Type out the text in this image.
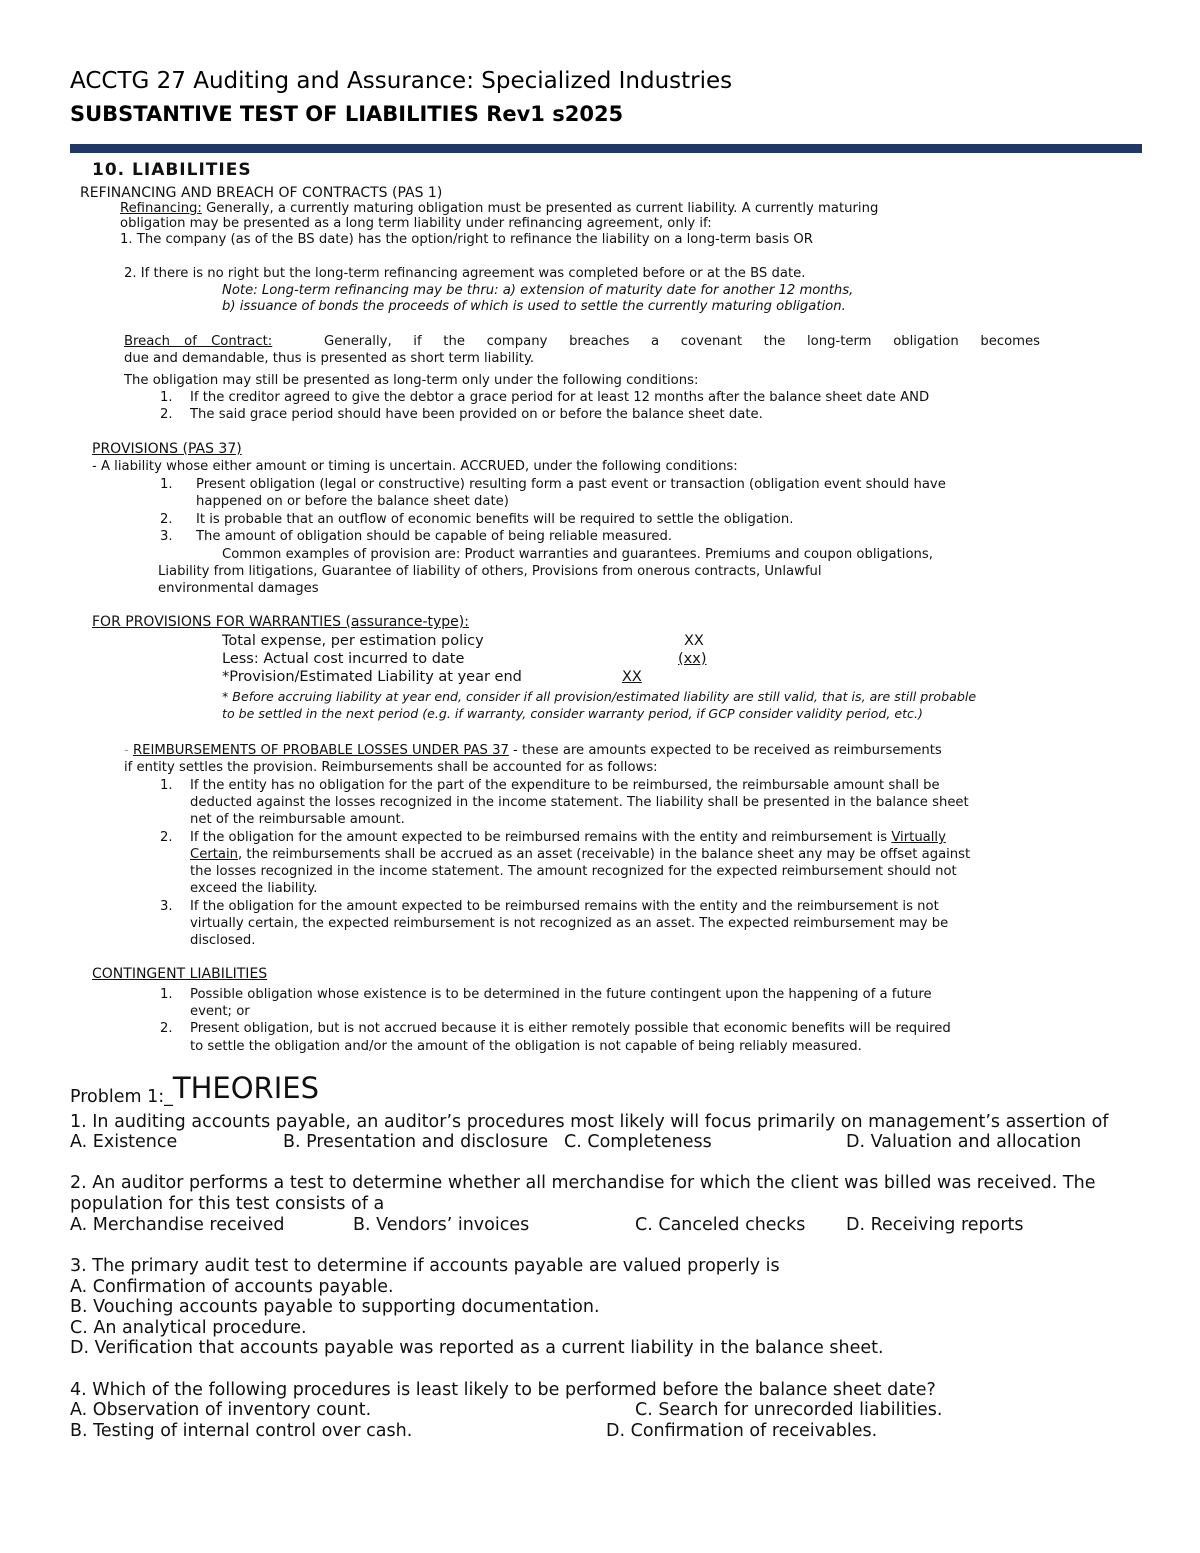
ACCTG 27 Auditing and Assurance: Specialized Industries
SUBSTANTIVE TEST OF LIABILITIES Rev1 s2025
10. LIABILITIES
REFINANCING AND BREACH OF CONTRACTS (PAS 1)
Refinancing: Generally, a currently maturing obligation must be presented as current liability. A currently maturing
obligation may be presented as a long term liability under refinancing agreement, only if:
1. The company (as of the BS date) has the option/right to refinance the liability on a long-term basis OR
2. If there is no right but the long-term refinancing agreement was completed before or at the BS date.
Note: Long-term refinancing may be thru: a) extension of maturity date for another 12 months,
b) issuance of bonds the proceeds of which is used to settle the currently maturing obligation.
Breach of Contract:	Generally, if the company breaches a covenant the long-term obligation becomes
due and demandable, thus is presented as short term liability.
The obligation may still be presented as long-term only under the following conditions:
1. If the creditor agreed to give the debtor a grace period for at least 12 months after the balance sheet date AND
2. The said grace period should have been provided on or before the balance sheet date.
PROVISIONS (PAS 37)
- A liability whose either amount or timing is uncertain. ACCRUED, under the following conditions:
1. Present obligation (legal or constructive) resulting form a past event or transaction (obligation event should have
happened on or before the balance sheet date)
2. It is probable that an outflow of economic benefits will be required to settle the obligation.
3. The amount of obligation should be capable of being reliable measured.
Common examples of provision are: Product warranties and guarantees. Premiums and coupon obligations,
Liability from litigations, Guarantee of liability of others, Provisions from onerous contracts, Unlawful
environmental damages
FOR PROVISIONS FOR WARRANTIES (assurance-type):
Total expense, per estimation policy	XX
Less: Actual cost incurred to date	(xx)
*Provision/Estimated Liability at year end	XX
* Before accruing liability at year end, consider if all provision/estimated liability are still valid, that is, are still probable
to be settled in the next period (e.g. if warranty, consider warranty period, if GCP consider validity period, etc.)
- REIMBURSEMENTS OF PROBABLE LOSSES UNDER PAS 37 - these are amounts expected to be received as reimbursements
if entity settles the provision. Reimbursements shall be accounted for as follows:
1. If the entity has no obligation for the part of the expenditure to be reimbursed, the reimbursable amount shall be
deducted against the losses recognized in the income statement. The liability shall be presented in the balance sheet
net of the reimbursable amount.
2. If the obligation for the amount expected to be reimbursed remains with the entity and reimbursement is Virtually
Certain, the reimbursements shall be accrued as an asset (receivable) in the balance sheet any may be offset against
the losses recognized in the income statement. The amount recognized for the expected reimbursement should not
exceed the liability.
3. If the obligation for the amount expected to be reimbursed remains with the entity and the reimbursement is not
virtually certain, the expected reimbursement is not recognized as an asset. The expected reimbursement may be
disclosed.
CONTINGENT LIABILITIES
1. Possible obligation whose existence is to be determined in the future contingent upon the happening of a future
event; or
2. Present obligation, but is not accrued because it is either remotely possible that economic benefits will be required
to settle the obligation and/or the amount of the obligation is not capable of being reliably measured.
Problem 1:_THEORIES
1. In auditing accounts payable, an auditor’s procedures most likely will focus primarily on management’s assertion of
A. Existence	B. Presentation and disclosure C. Completeness	D. Valuation and allocation
2. An auditor performs a test to determine whether all merchandise for which the client was billed was received. The
population for this test consists of a
A. Merchandise received	B. Vendors’ invoices	C. Canceled checks D. Receiving reports
3. The primary audit test to determine if accounts payable are valued properly is
A. Confirmation of accounts payable.
B. Vouching accounts payable to supporting documentation.
C. An analytical procedure.
D. Verification that accounts payable was reported as a current liability in the balance sheet.
4. Which of the following procedures is least likely to be performed before the balance sheet date?
A. Observation of inventory count.	C. Search for unrecorded liabilities.
B. Testing of internal control over cash.	D. Confirmation of receivables.
